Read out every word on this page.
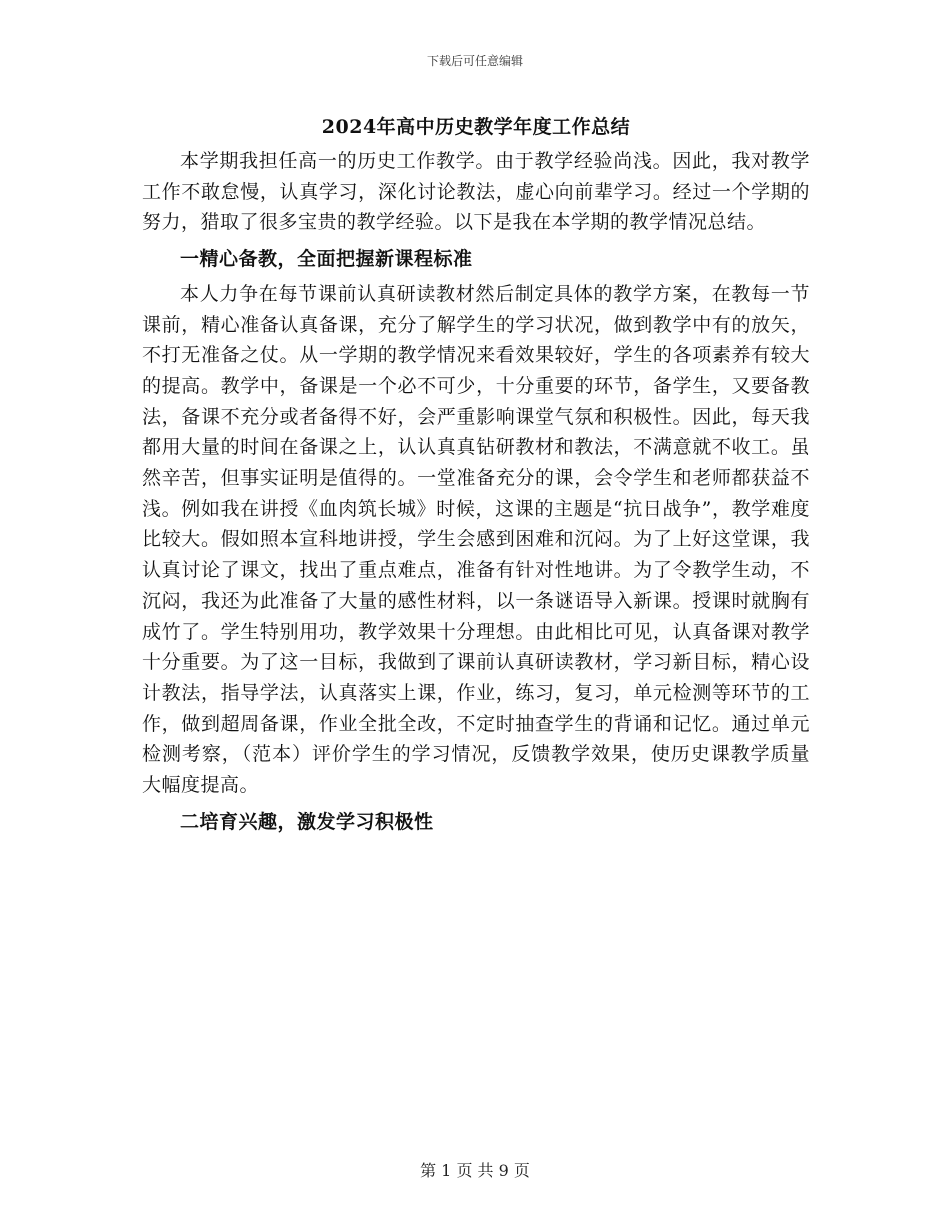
下载后可任意编辑
2024年高中历史教学年度工作总结

本学期我担任高一的历史工作教学。由于教学经验尚浅。因此，我对教学工作不敢怠慢，认真学习，深化讨论教法，虚心向前辈学习。经过一个学期的努力，猎取了很多宝贵的教学经验。以下是我在本学期的教学情况总结。

一精心备教，全面把握新课程标准

本人力争在每节课前认真研读教材然后制定具体的教学方案，在教每一节课前，精心准备认真备课，充分了解学生的学习状况，做到教学中有的放矢，不打无准备之仗。从一学期的教学情况来看效果较好，学生的各项素养有较大的提高。教学中，备课是一个必不可少，十分重要的环节，备学生，又要备教法，备课不充分或者备得不好，会严重影响课堂气氛和积极性。因此，每天我都用大量的时间在备课之上，认认真真钻研教材和教法，不满意就不收工。虽然辛苦，但事实证明是值得的。一堂准备充分的课，会令学生和老师都获益不浅。例如我在讲授《血肉筑长城》时候，这课的主题是“抗日战争”，教学难度比较大。假如照本宣科地讲授，学生会感到困难和沉闷。为了上好这堂课，我认真讨论了课文，找出了重点难点，准备有针对性地讲。为了令教学生动，不沉闷，我还为此准备了大量的感性材料，以一条谜语导入新课。授课时就胸有成竹了。学生特别用功，教学效果十分理想。由此相比可见，认真备课对教学十分重要。为了这一目标，我做到了课前认真研读教材，学习新目标，精心设计教法，指导学法，认真落实上课，作业，练习，复习，单元检测等环节的工作，做到超周备课，作业全批全改，不定时抽查学生的背诵和记忆。通过单元检测考察，（范本）评价学生的学习情况，反馈教学效果，使历史课教学质量大幅度提高。

二培育兴趣，激发学习积极性
第 1 页 共 9 页
